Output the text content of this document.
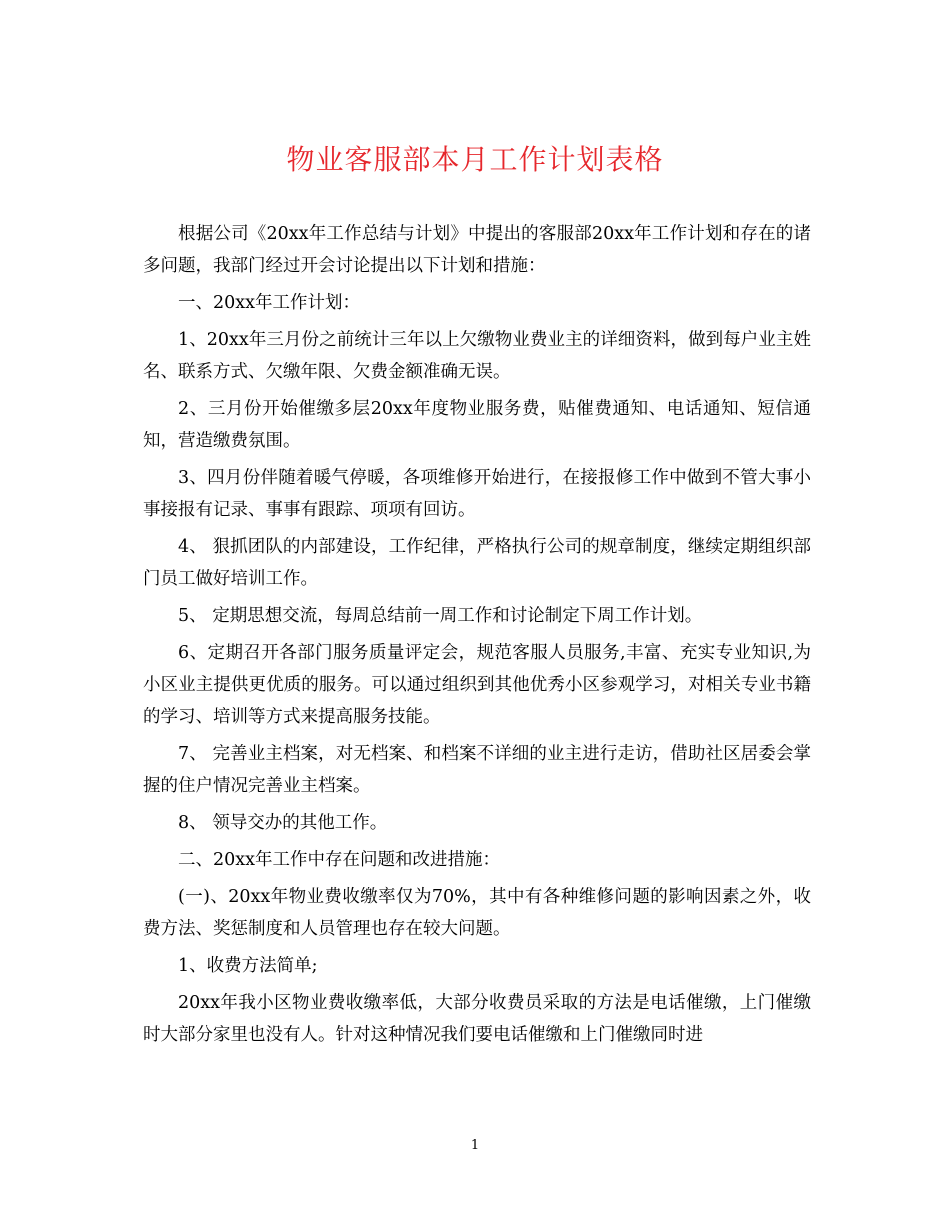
物业客服部本月工作计划表格

根据公司《20xx年工作总结与计划》中提出的客服部20xx年工作计划和存在的诸多问题，我部门经过开会讨论提出以下计划和措施：

一、20xx年工作计划：

1、20xx年三月份之前统计三年以上欠缴物业费业主的详细资料，做到每户业主姓名、联系方式、欠缴年限、欠费金额准确无误。

2、三月份开始催缴多层20xx年度物业服务费，贴催费通知、电话通知、短信通知，营造缴费氛围。

3、四月份伴随着暖气停暖，各项维修开始进行，在接报修工作中做到不管大事小事接报有记录、事事有跟踪、项项有回访。

4、 狠抓团队的内部建设，工作纪律，严格执行公司的规章制度，继续定期组织部门员工做好培训工作。

5、 定期思想交流，每周总结前一周工作和讨论制定下周工作计划。

6、定期召开各部门服务质量评定会，规范客服人员服务,丰富、充实专业知识,为小区业主提供更优质的服务。可以通过组织到其他优秀小区参观学习，对相关专业书籍的学习、培训等方式来提高服务技能。

7、 完善业主档案，对无档案、和档案不详细的业主进行走访，借助社区居委会掌握的住户情况完善业主档案。

8、 领导交办的其他工作。

二、20xx年工作中存在问题和改进措施：

(一)、20xx年物业费收缴率仅为70%，其中有各种维修问题的影响因素之外，收费方法、奖惩制度和人员管理也存在较大问题。

1、收费方法简单;

20xx年我小区物业费收缴率低，大部分收费员采取的方法是电话催缴，上门催缴时大部分家里也没有人。针对这种情况我们要电话催缴和上门催缴同时进

1
